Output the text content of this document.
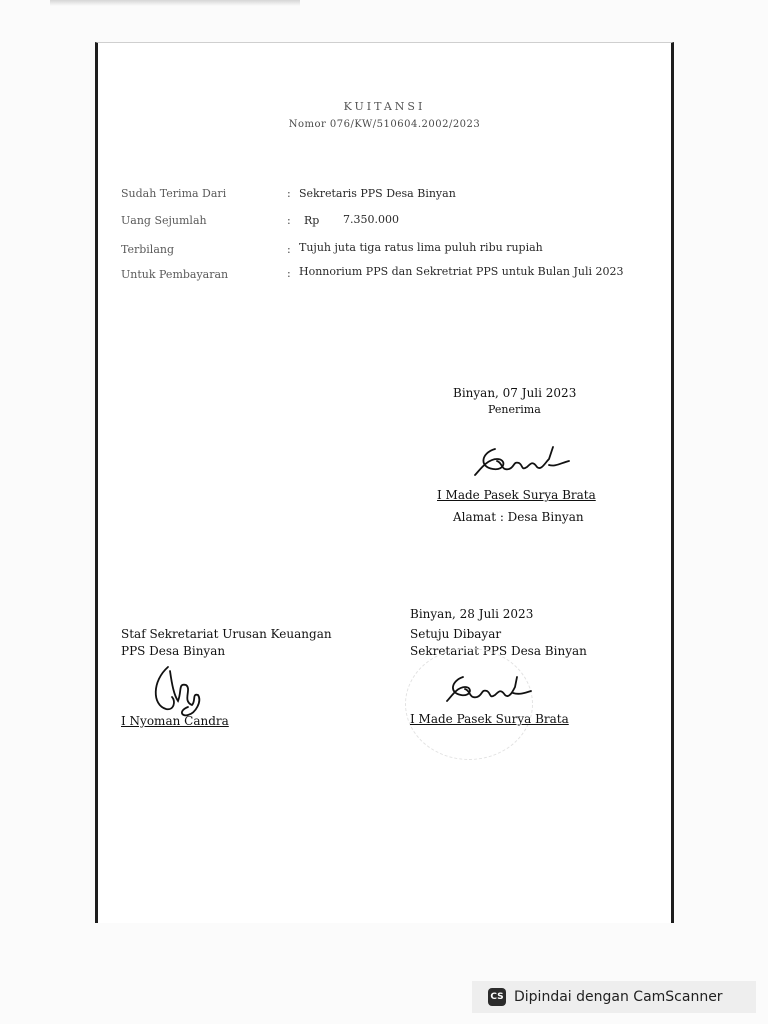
KUITANSI
Nomor 076/KW/510604.2002/2023
Sudah Terima Dari	: Sekretaris PPS Desa Binyan
Uang Sejumlah	: Rp 7.350.000
Terbilang	: Tujuh juta tiga ratus lima puluh ribu rupiah
Untuk Pembayaran	: Honnorium PPS dan Sekretriat PPS untuk Bulan Juli 2023
Binyan, 07 Juli 2023
Penerima
I Made Pasek Surya Brata
Alamat : Desa Binyan
Staf Sekretariat Urusan Keuangan
PPS Desa Binyan
I Nyoman Candra
Binyan, 28 Juli 2023
Setuju Dibayar
Sekretariat PPS Desa Binyan
I Made Pasek Surya Brata
CS Dipindai dengan CamScanner
